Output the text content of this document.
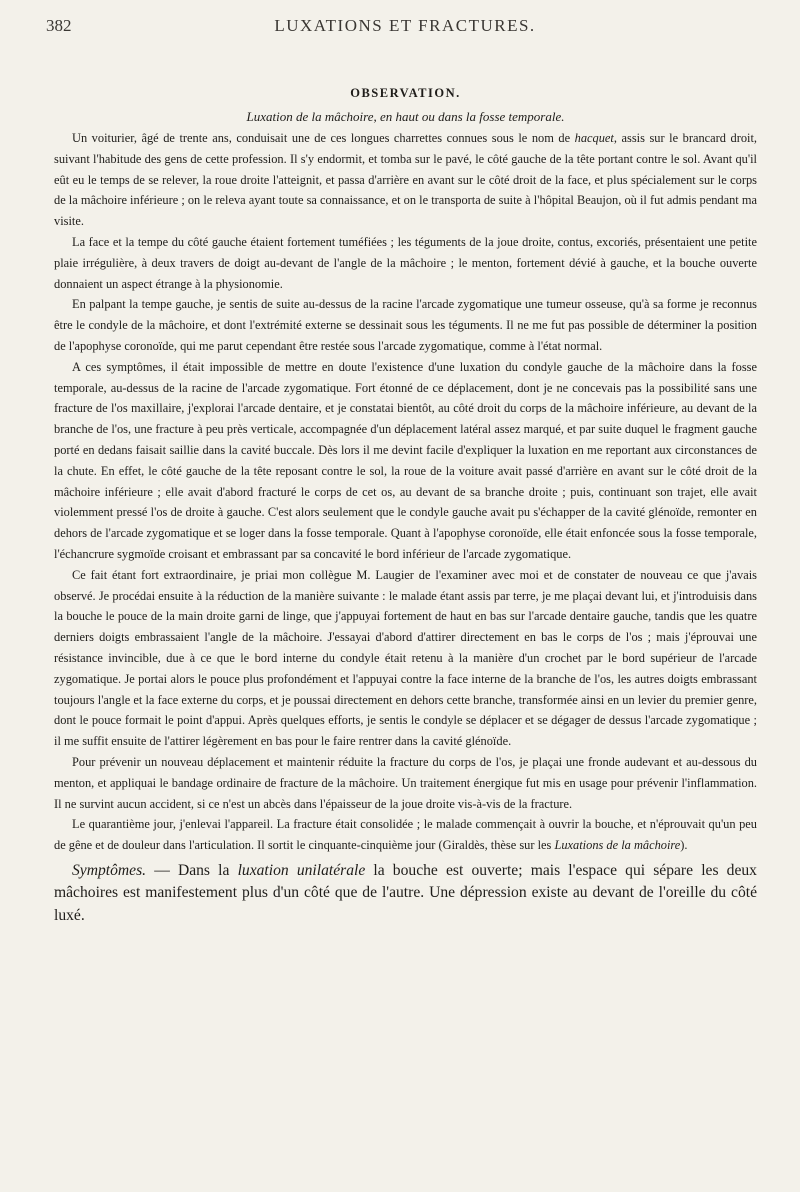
382	LUXATIONS ET FRACTURES.
OBSERVATION.

Luxation de la mâchoire, en haut ou dans la fosse temporale.

Un voiturier, âgé de trente ans, conduisait une de ces longues charrettes connues sous le nom de hacquet, assis sur le brancard droit, suivant l'habitude des gens de cette profession. Il s'y endormit, et tomba sur le pavé, le côté gauche de la tête portant contre le sol. Avant qu'il eût eu le temps de se relever, la roue droite l'atteignit, et passa d'arrière en avant sur le côté droit de la face, et plus spécialement sur le corps de la mâchoire inférieure ; on le releva ayant toute sa connaissance, et on le transporta de suite à l'hôpital Beaujon, où il fut admis pendant ma visite.

La face et la tempe du côté gauche étaient fortement tuméfiées ; les téguments de la joue droite, contus, excoriés, présentaient une petite plaie irrégulière, à deux travers de doigt au-devant de l'angle de la mâchoire ; le menton, fortement dévié à gauche, et la bouche ouverte donnaient un aspect étrange à la physionomie.

En palpant la tempe gauche, je sentis de suite au-dessus de la racine l'arcade zygomatique une tumeur osseuse, qu'à sa forme je reconnus être le condyle de la mâchoire, et dont l'extrémité externe se dessinait sous les téguments. Il ne me fut pas possible de déterminer la position de l'apophyse coronoïde, qui me parut cependant être restée sous l'arcade zygomatique, comme à l'état normal.

A ces symptômes, il était impossible de mettre en doute l'existence d'une luxation du condyle gauche de la mâchoire dans la fosse temporale, au-dessus de la racine de l'arcade zygomatique. Fort étonné de ce déplacement, dont je ne concevais pas la possibilité sans une fracture de l'os maxillaire, j'explorai l'arcade dentaire, et je constatai bientôt, au côté droit du corps de la mâchoire inférieure, au devant de la branche de l'os, une fracture à peu près verticale, accompagnée d'un déplacement latéral assez marqué, et par suite duquel le fragment gauche porté en dedans faisait saillie dans la cavité buccale. Dès lors il me devint facile d'expliquer la luxation en me reportant aux circonstances de la chute. En effet, le côté gauche de la tête reposant contre le sol, la roue de la voiture avait passé d'arrière en avant sur le côté droit de la mâchoire inférieure ; elle avait d'abord fracturé le corps de cet os, au devant de sa branche droite ; puis, continuant son trajet, elle avait violemment pressé l'os de droite à gauche. C'est alors seulement que le condyle gauche avait pu s'échapper de la cavité glénoïde, remonter en dehors de l'arcade zygomatique et se loger dans la fosse temporale. Quant à l'apophyse coronoïde, elle était enfoncée sous la fosse temporale, l'échancrure sygmoïde croisant et embrassant par sa concavité le bord inférieur de l'arcade zygomatique.

Ce fait étant fort extraordinaire, je priai mon collègue M. Laugier de l'examiner avec moi et de constater de nouveau ce que j'avais observé. Je procédai ensuite à la réduction de la manière suivante : le malade étant assis par terre, je me plaçai devant lui, et j'introduisis dans la bouche le pouce de la main droite garni de linge, que j'appuyai fortement de haut en bas sur l'arcade dentaire gauche, tandis que les quatre derniers doigts embrassaient l'angle de la mâchoire. J'essayai d'abord d'attirer directement en bas le corps de l'os ; mais j'éprouvai une résistance invincible, due à ce que le bord interne du condyle était retenu à la manière d'un crochet par le bord supérieur de l'arcade zygomatique. Je portai alors le pouce plus profondément et l'appuyai contre la face interne de la branche de l'os, les autres doigts embrassant toujours l'angle et la face externe du corps, et je poussai directement en dehors cette branche, transformée ainsi en un levier du premier genre, dont le pouce formait le point d'appui. Après quelques efforts, je sentis le condyle se déplacer et se dégager de dessus l'arcade zygomatique ; il me suffit ensuite de l'attirer légèrement en bas pour le faire rentrer dans la cavité glénoïde.

Pour prévenir un nouveau déplacement et maintenir réduite la fracture du corps de l'os, je plaçai une fronde audevant et au-dessous du menton, et appliquai le bandage ordinaire de fracture de la mâchoire. Un traitement énergique fut mis en usage pour prévenir l'inflammation. Il ne survint aucun accident, si ce n'est un abcès dans l'épaisseur de la joue droite vis-à-vis de la fracture.

Le quarantième jour, j'enlevai l'appareil. La fracture était consolidée ; le malade commençait à ouvrir la bouche, et n'éprouvait qu'un peu de gêne et de douleur dans l'articulation. Il sortit le cinquante-cinquième jour (Giraldès, thèse sur les Luxations de la mâchoire).

Symptômes. — Dans la luxation unilatérale la bouche est ouverte; mais l'espace qui sépare les deux mâchoires est manifestement plus d'un côté que de l'autre. Une dépression existe au devant de l'oreille du côté luxé.
